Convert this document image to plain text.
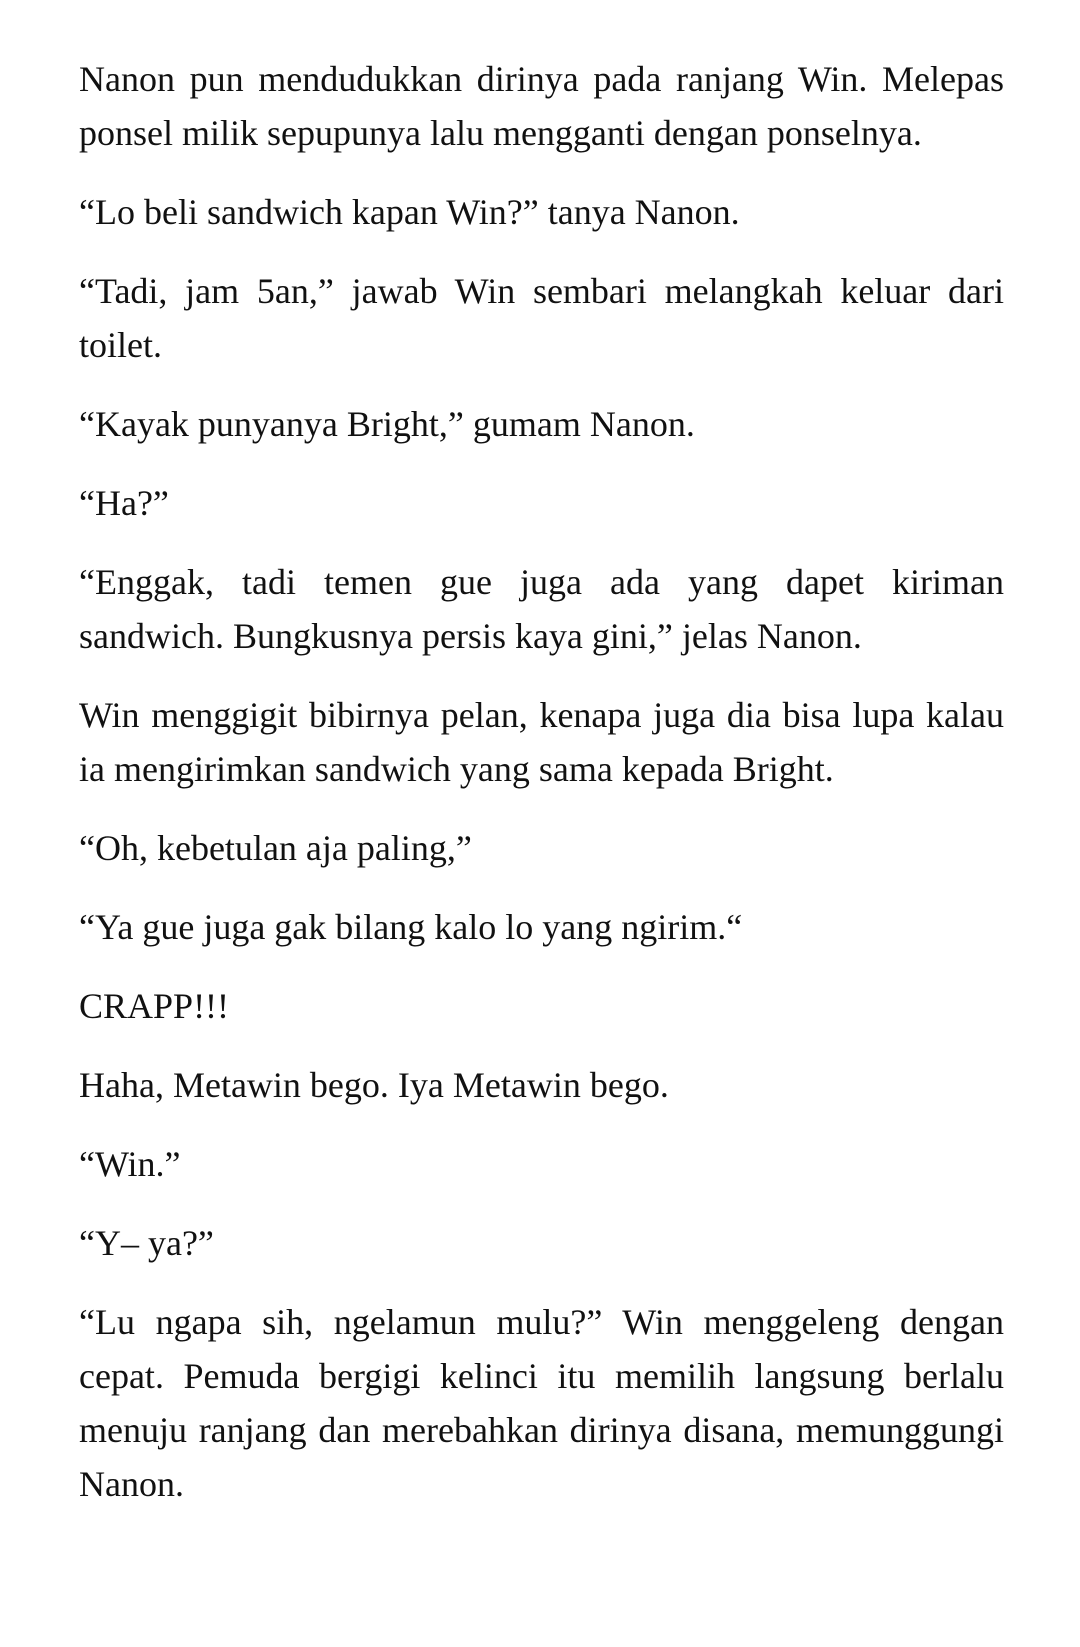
Nanon pun mendudukkan dirinya pada ranjang Win. Melepas ponsel milik sepupunya lalu mengganti dengan ponselnya.

“Lo beli sandwich kapan Win?” tanya Nanon.

“Tadi, jam 5an,” jawab Win sembari melangkah keluar dari toilet.

“Kayak punyanya Bright,” gumam Nanon.

“Ha?”

“Enggak, tadi temen gue juga ada yang dapet kiriman sandwich. Bungkusnya persis kaya gini,” jelas Nanon.

Win menggigit bibirnya pelan, kenapa juga dia bisa lupa kalau ia mengirimkan sandwich yang sama kepada Bright.

“Oh, kebetulan aja paling,”

“Ya gue juga gak bilang kalo lo yang ngirim.“

CRAPP!!!

Haha, Metawin bego. Iya Metawin bego.

“Win.”

“Y– ya?”

“Lu ngapa sih, ngelamun mulu?” Win menggeleng dengan cepat. Pemuda bergigi kelinci itu memilih langsung berlalu menuju ranjang dan merebahkan dirinya disana, memunggungi Nanon.
